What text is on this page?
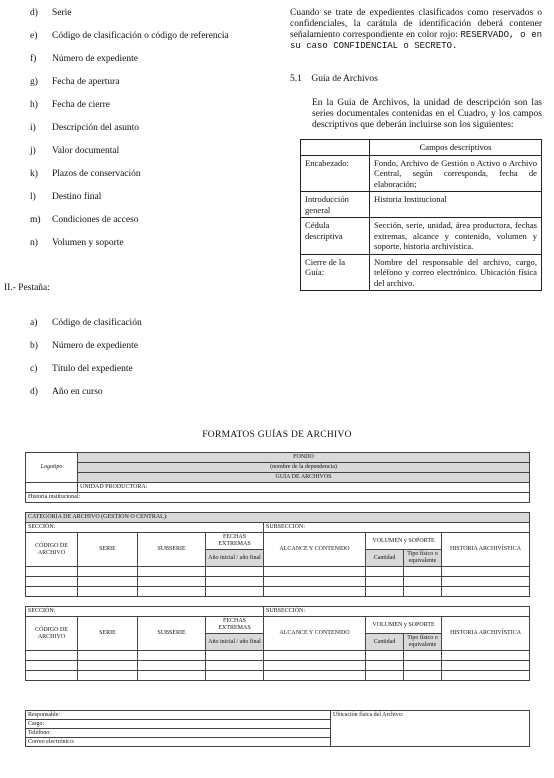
d)	Serie
e)	Código de clasificación o código de referencia
f)	Número de expediente
g)	Fecha de apertura
h)	Fecha de cierre
i)	Descripción del asunto
j)	Valor documental
k)	Plazos de conservación
l)	Destino final
m)	Condiciones de acceso
n)	Volumen y soporte
II.- Pestaña:
a)	Código de clasificación
b)	Número de expediente
c)	Título del expediente
d)	Año en curso
Cuando se trate de expedientes clasificados como reservados o confidenciales, la carátula de identificación deberá contener señalamiento correspondiente en color rojo: RESERVADO, o en su caso CONFIDENCIAL o SECRETO.
5.1 Guía de Archivos
En la Guía de Archivos, la unidad de descripción son las series documentales contenidas en el Cuadro, y los campos descriptivos que deberán incluirse son los siguientes:
	Campos descriptivos
Encabezado:	Fondo, Archivo de Gestión o Activo o Archivo Central, según corresponda, fecha de elaboración;
Introducción general	Historia Institucional
Cédula descriptiva	Sección, serie, unidad, área productora, fechas extremas, alcance y contenido, volumen y soporte, historia archivística.
Cierre de la Guía:	Nombre del responsable del archivo, cargo, teléfono y correo electrónico. Ubicación física del archivo.
FORMATOS GUÍAS DE ARCHIVO
Logotipo	FONDO						
	(nombre de la dependencia)						
	GUÍA DE ARCHIVOS						
	UNIDAD PRODUCTORA:						
Historia institucional:							

CATEGORIA DE ARCHIVO (GESTION O CENTRAL):							
SECCIÓN:				SUBSECCIÓN:			
CÓDIGO DE ARCHIVO	SERIE	SUBSERIE	FECHAS EXTREMAS	ALCANCE Y CONTENIDO	VOLUMEN y SOPORTE		HISTORIA ARCHIVÍSTICA
			Año inicial / año final		Cantidad	Tipo físico o equivalente	

SECCIÓN:				SUBSECCIÓN:			
CÓDIGO DE ARCHIVO	SERIE	SUBSERIE	FECHAS EXTREMAS	ALCANCE Y CONTENIDO	VOLUMEN y SOPORTE		HISTORIA ARCHIVÍSTICA
			Año inicial / año final		Cantidad	Tipo físico o equivalente	

Responsable:	Ubicación física del Archivo:
Cargo:
Teléfono:
Correo electrónico:
